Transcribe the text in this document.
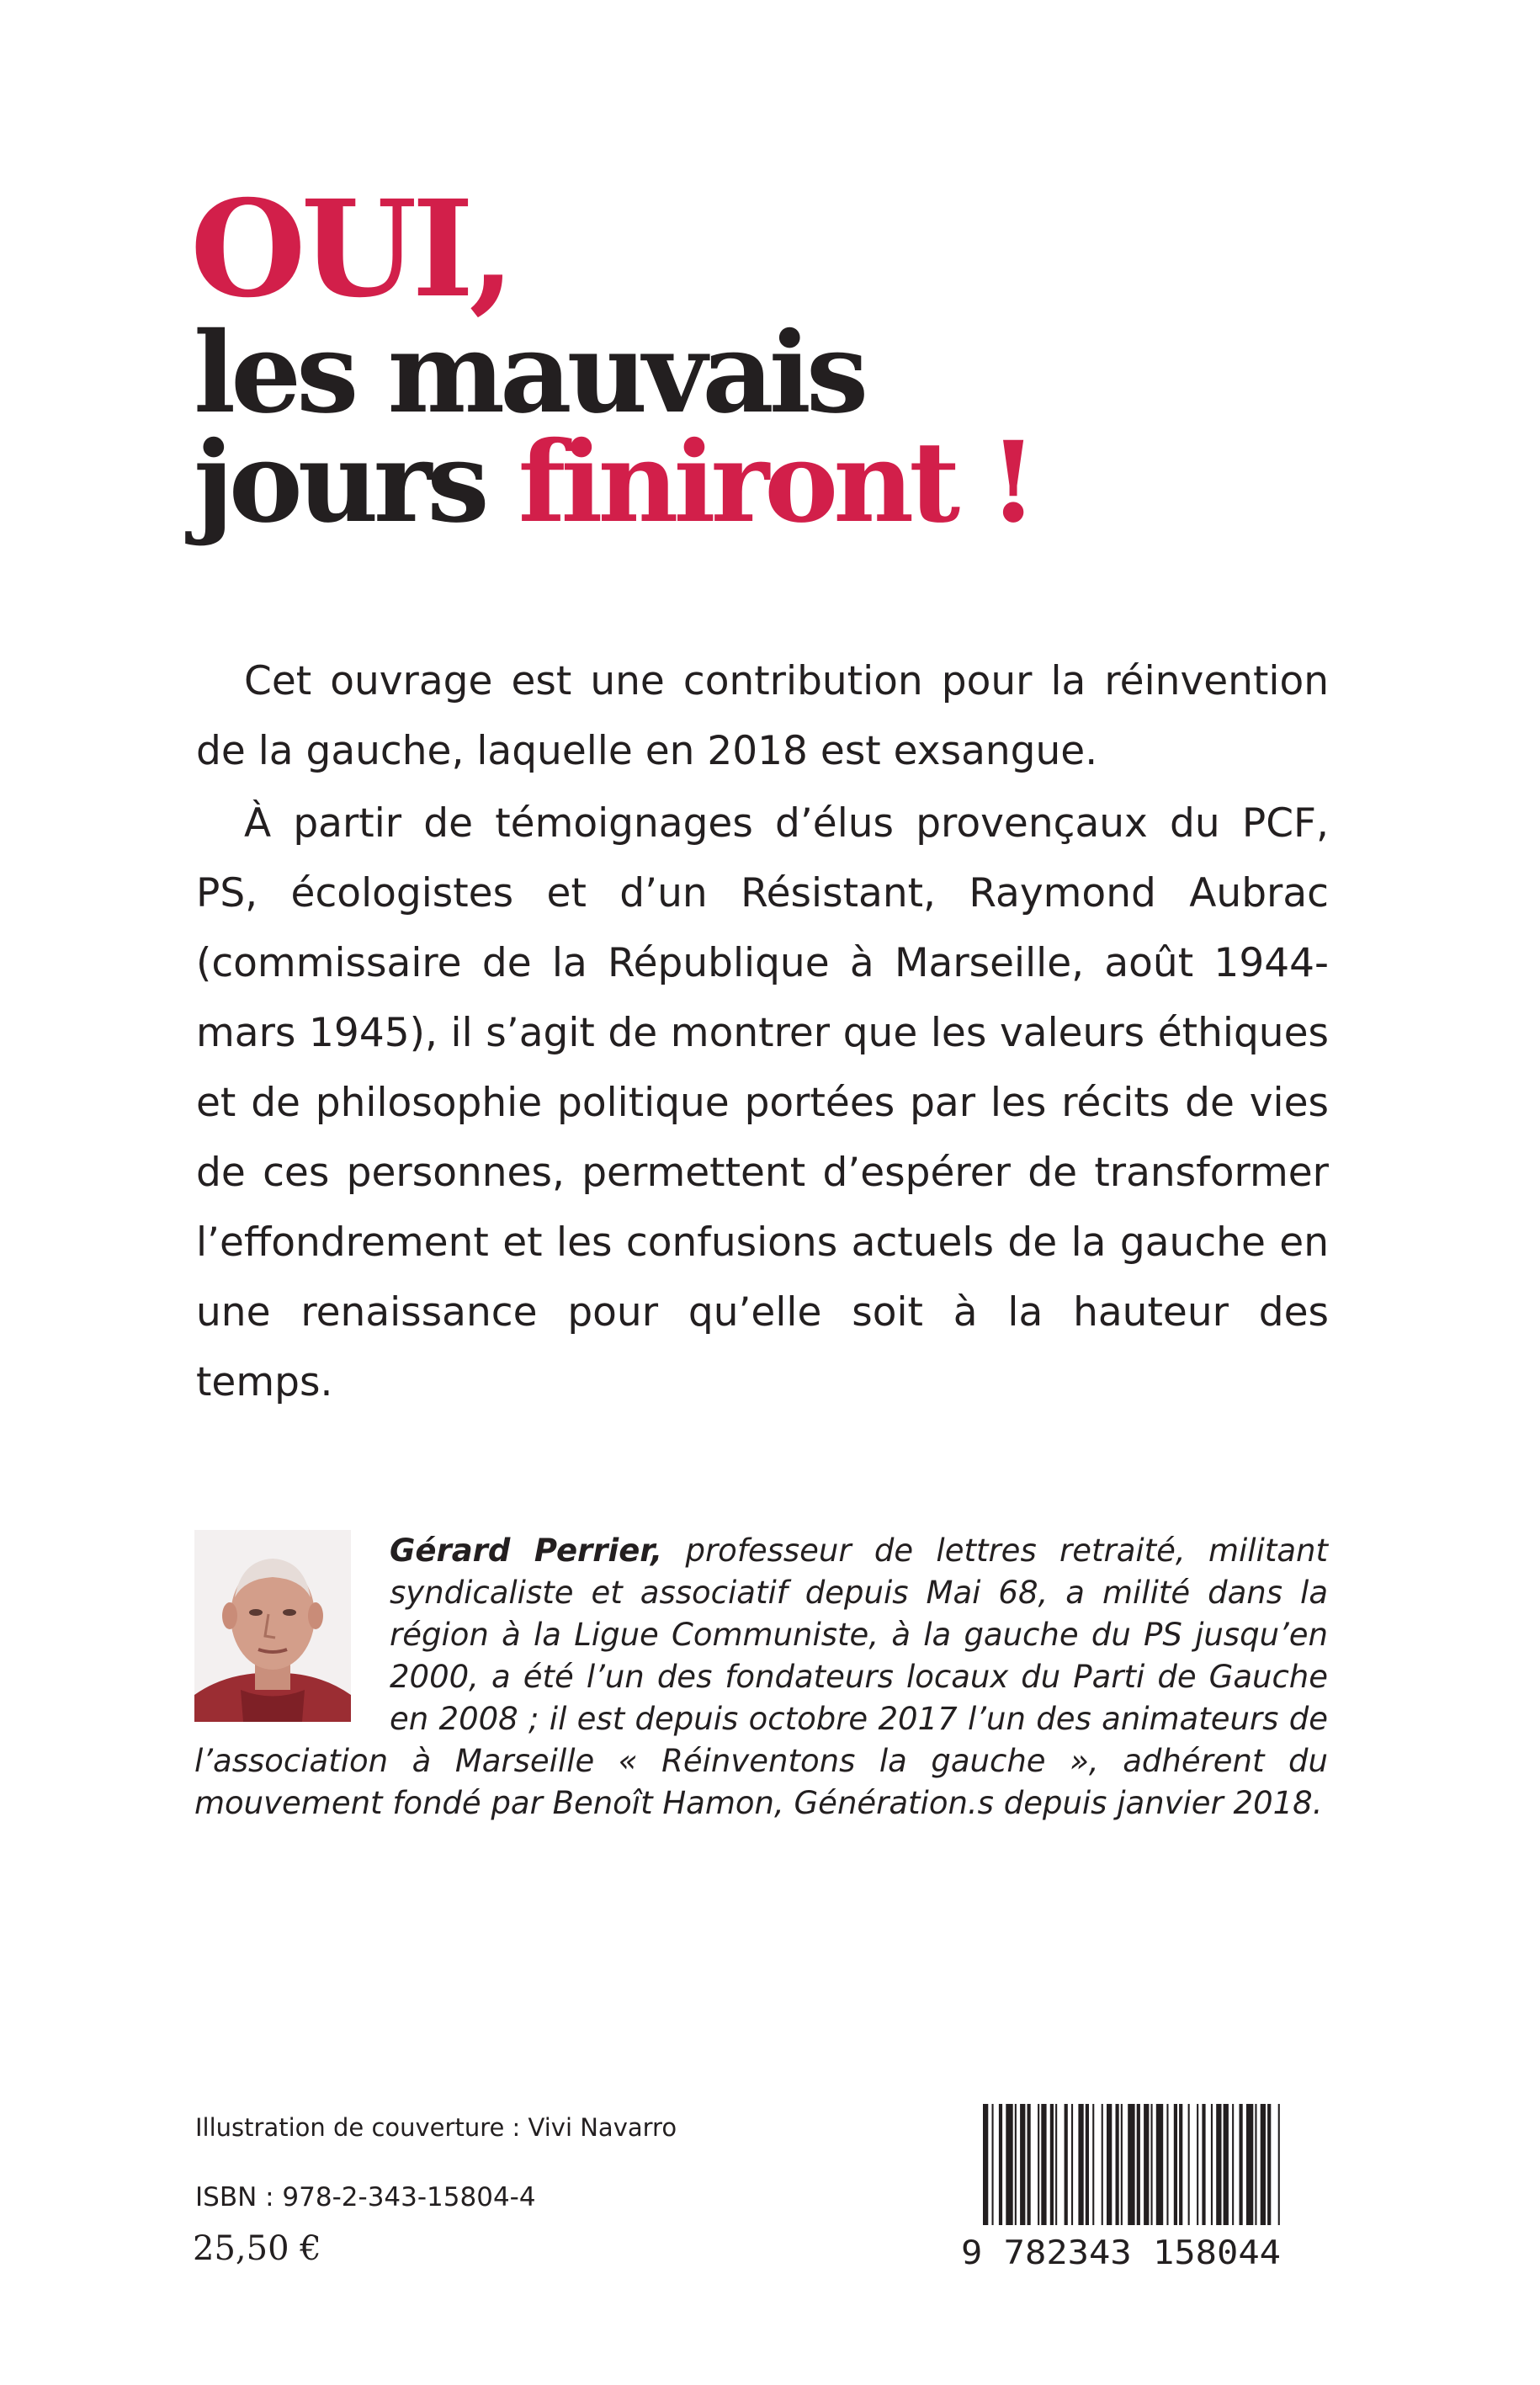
OUI,
les mauvais
jours finiront !

Cet ouvrage est une contribution pour la réinvention de la gauche, laquelle en 2018 est exsangue.

À partir de témoignages d’élus provençaux du PCF, PS, écologistes et d’un Résistant, Raymond Aubrac (commissaire de la République à Marseille, août 1944-mars 1945), il s’agit de montrer que les valeurs éthiques et de philosophie politique portées par les récits de vies de ces personnes, permettent d’espérer de transformer l’effondrement et les confusions actuels de la gauche en une renaissance pour qu’elle soit à la hauteur des temps.

Gérard Perrier, professeur de lettres retraité, militant syndicaliste et associatif depuis Mai 68, a milité dans la région à la Ligue Communiste, à la gauche du PS jusqu’en 2000, a été l’un des fondateurs locaux du Parti de Gauche en 2008 ; il est depuis octobre 2017 l’un des animateurs de l’association à Marseille « Réinventons la gauche », adhérent du mouvement fondé par Benoît Hamon, Génération.s depuis janvier 2018.

Illustration de couverture : Vivi Navarro

ISBN : 978-2-343-15804-4

25,50 €	9 782343 158044
